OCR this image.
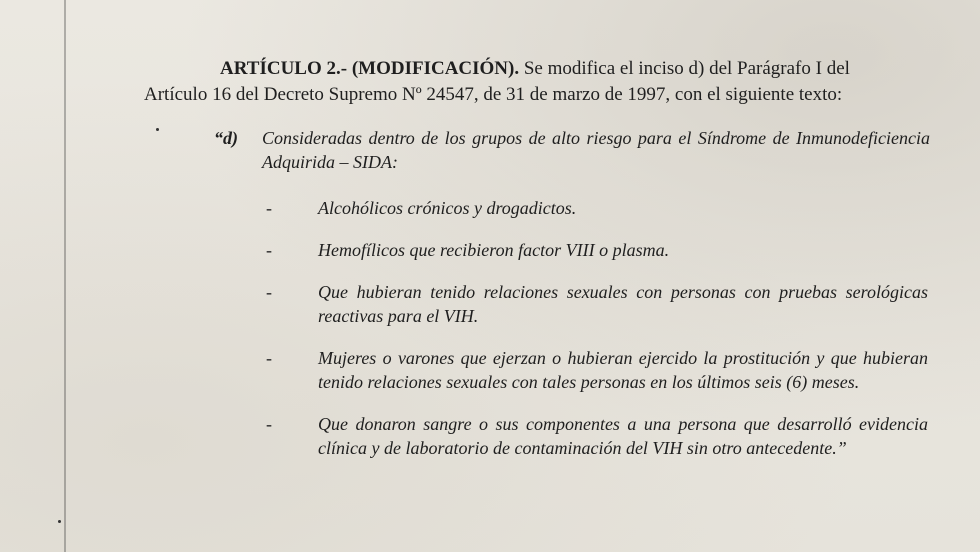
ARTÍCULO 2.- (MODIFICACIÓN). Se modifica el inciso d) del Parágrafo I del
Artículo 16 del Decreto Supremo Nº 24547, de 31 de marzo de 1997, con el siguiente texto:
“d)	Consideradas dentro de los grupos de alto riesgo para el Síndrome de Inmunodeficiencia Adquirida – SIDA:
-	Alcohólicos crónicos y drogadictos.
-	Hemofílicos que recibieron factor VIII o plasma.
-	Que hubieran tenido relaciones sexuales con personas con pruebas serológicas reactivas para el VIH.
-	Mujeres o varones que ejerzan o hubieran ejercido la prostitución y que hubieran tenido relaciones sexuales con tales personas en los últimos seis (6) meses.
-	Que donaron sangre o sus componentes a una persona que desarrolló evidencia clínica y de laboratorio de contaminación del VIH sin otro antecedente.”
